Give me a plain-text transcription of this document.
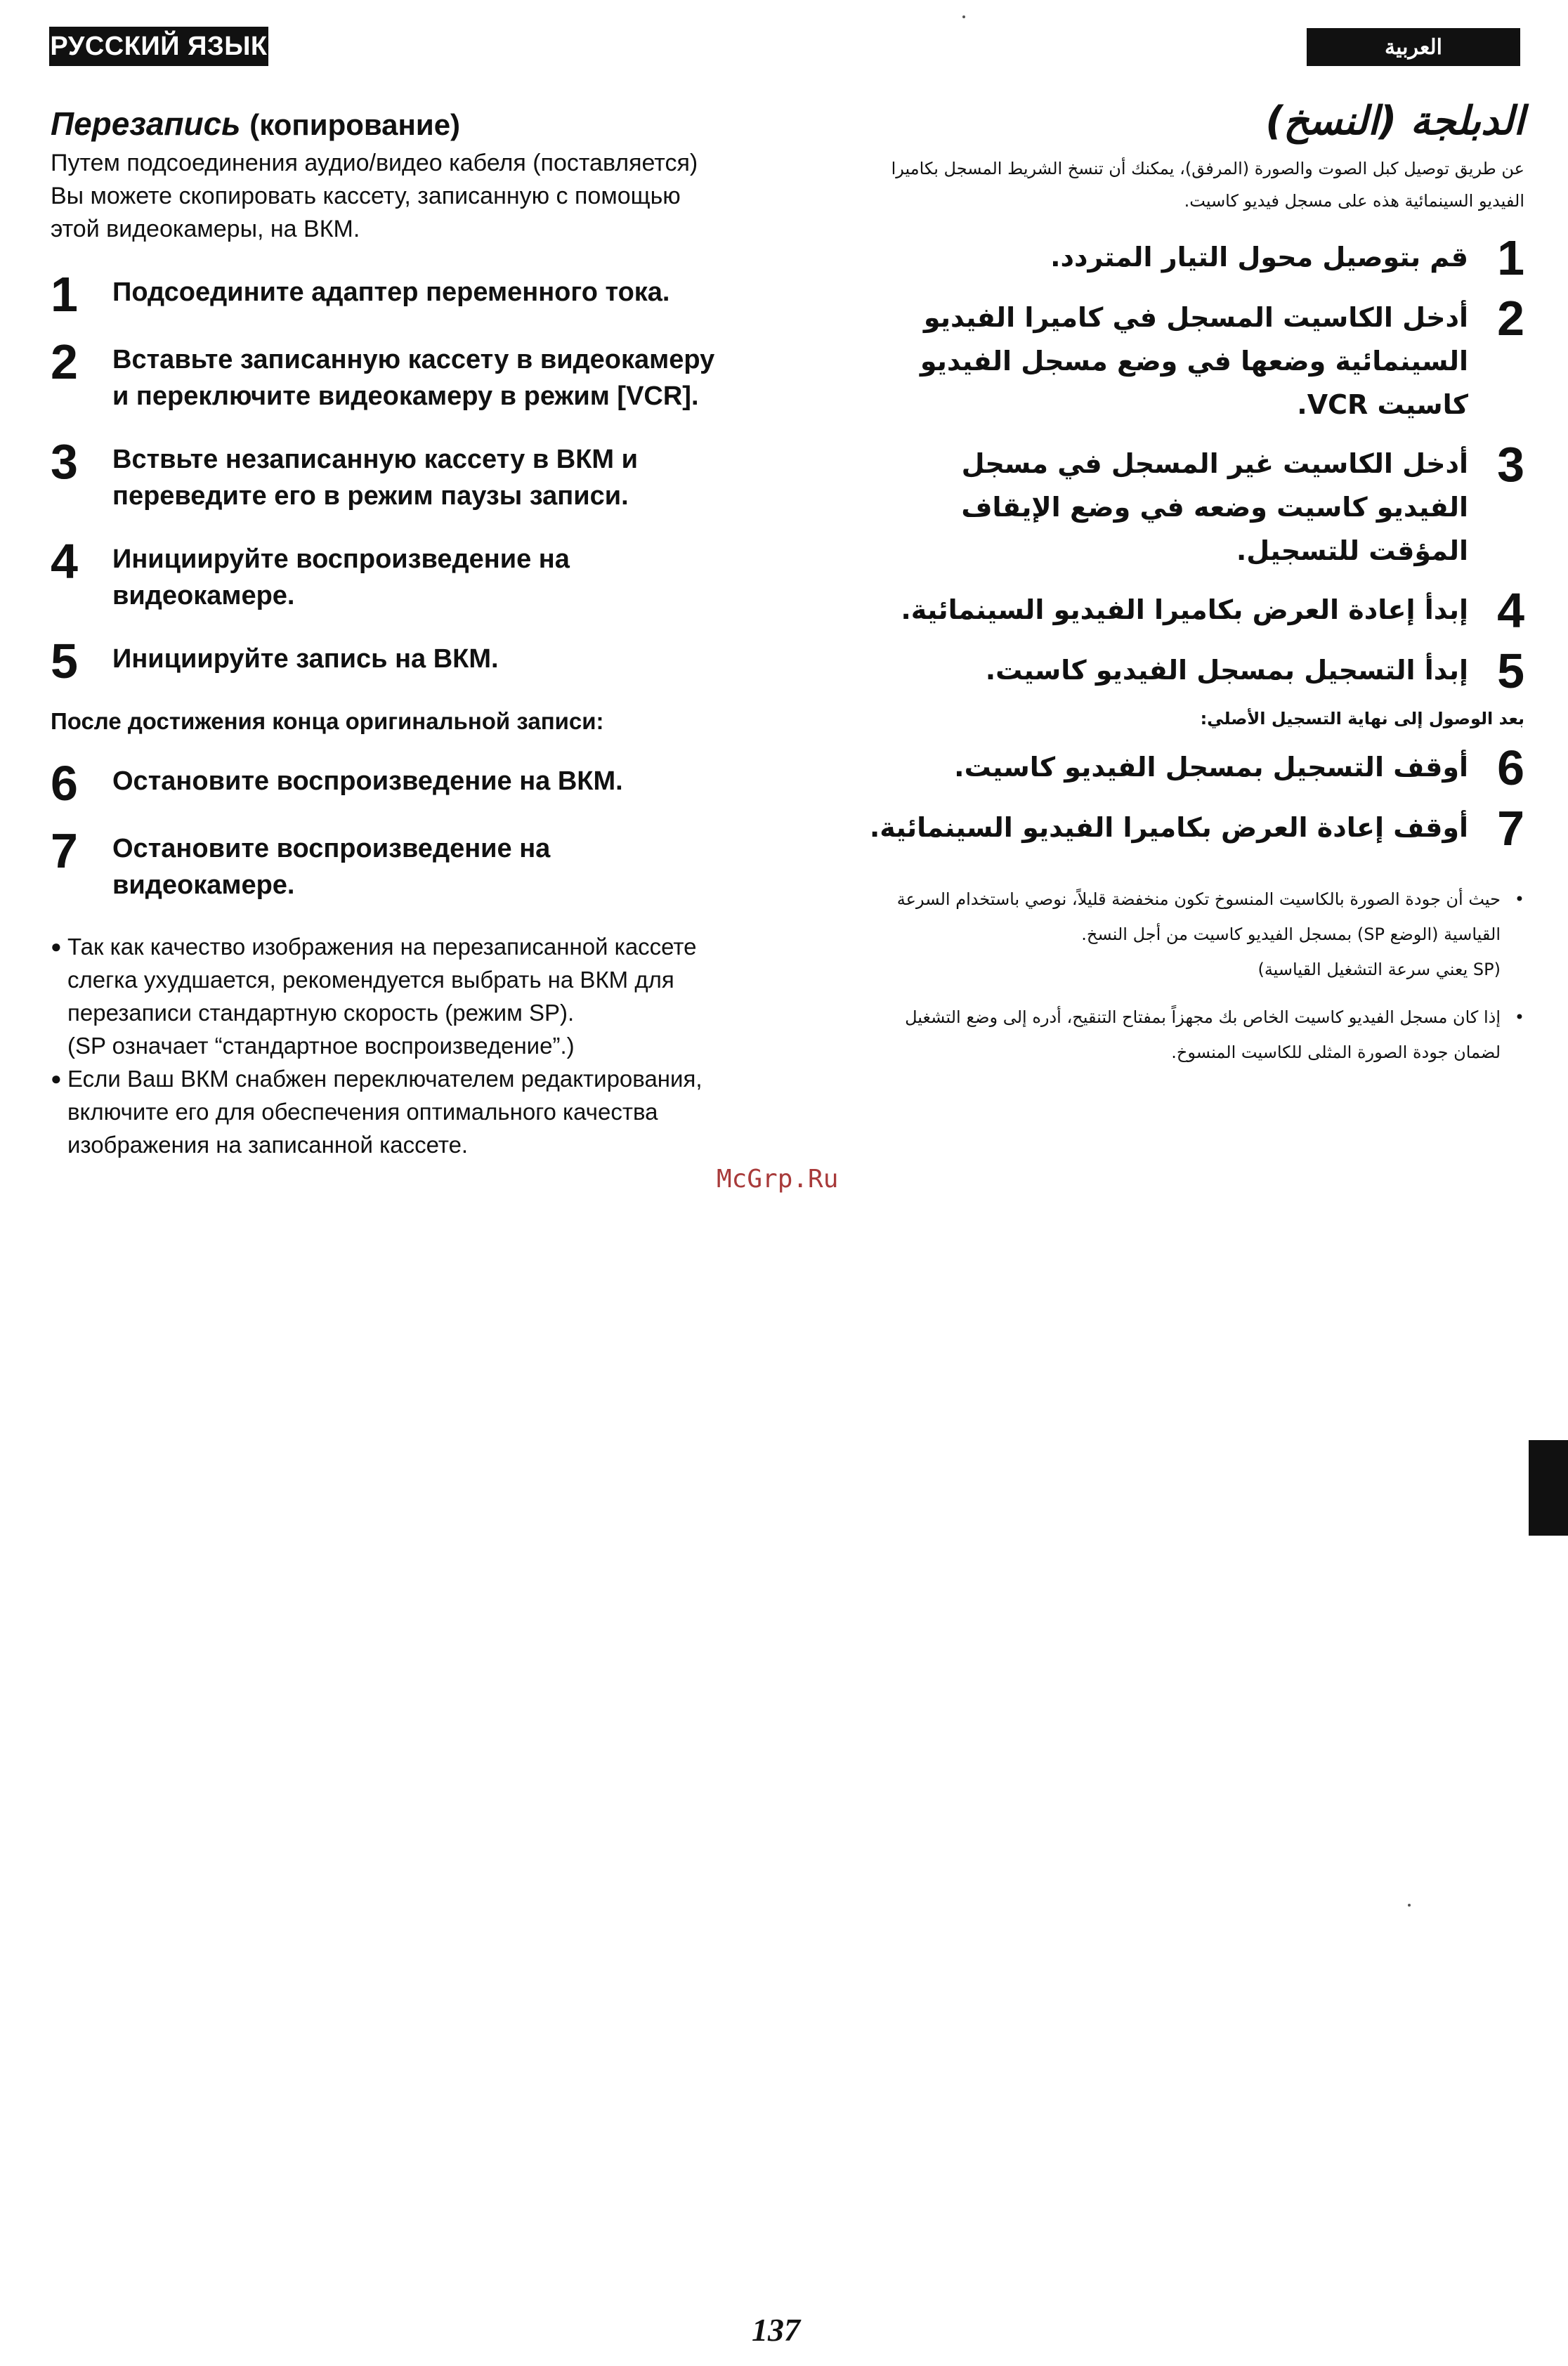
РУССКИЙ ЯЗЫК	العربية
Перезапись (копирование)

Путем подсоединения аудио/видео кабеля (поставляется) Вы можете скопировать кассету, записанную с помощью этой видеокамеры, на ВКМ.

1	Подсоедините адаптер переменного тока.
2	Вставьте записанную кассету в видеокамеру и переключите видеокамеру в режим [VCR].
3	Вствьте незаписанную кассету в ВКМ и переведите его в режим паузы записи.
4	Инициируйте воспроизведение на видеокамере.
5	Инициируйте запись на ВКМ.
После достижения конца оригинальной записи:
6	Остановите воспроизведение на ВКМ.
7	Остановите воспроизведение на видеокамере.
● Так как качество изображения на перезаписанной кассете слегка ухудшается, рекомендуется выбрать на ВКМ для перезаписи стандартную скорость (режим SP).
(SP означает “стандартное воспроизведение”.)
● Если Ваш ВКМ снабжен переключателем редактирования, включите его для обеспечения оптимального качества изображения на записанной кассете.
الدبلجة (النسخ)

عن طريق توصيل كبل الصوت والصورة (المرفق)، يمكنك أن تنسخ الشريط المسجل بكاميرا الفيديو السينمائية هذه على مسجل فيديو كاسيت.

1
قم بتوصيل محول التيار المتردد.
2
أدخل الكاسيت المسجل في كاميرا الفيديو السينمائية وضعها في وضع مسجل الفيديو كاسيت VCR.
3
أدخل الكاسيت غير المسجل في مسجل الفيديو كاسيت وضعه في وضع الإيقاف المؤقت للتسجيل.
4
إبدأ إعادة العرض بكاميرا الفيديو السينمائية.
5
إبدأ التسجيل بمسجل الفيديو كاسيت.
بعد الوصول إلى نهاية التسجيل الأصلي:
6
أوقف التسجيل بمسجل الفيديو كاسيت.
7
أوقف إعادة العرض بكاميرا الفيديو السينمائية.
•
حيث أن جودة الصورة بالكاسيت المنسوخ تكون منخفضة قليلاً، نوصي باستخدام السرعة القياسية (الوضع SP) بمسجل الفيديو كاسيت من أجل النسخ.
(SP يعني سرعة التشغيل القياسية)
•
إذا كان مسجل الفيديو كاسيت الخاص بك مجهزاً بمفتاح التنقيح، أدره إلى وضع التشغيل لضمان جودة الصورة المثلى للكاسيت المنسوخ.
McGrp.Ru
137
